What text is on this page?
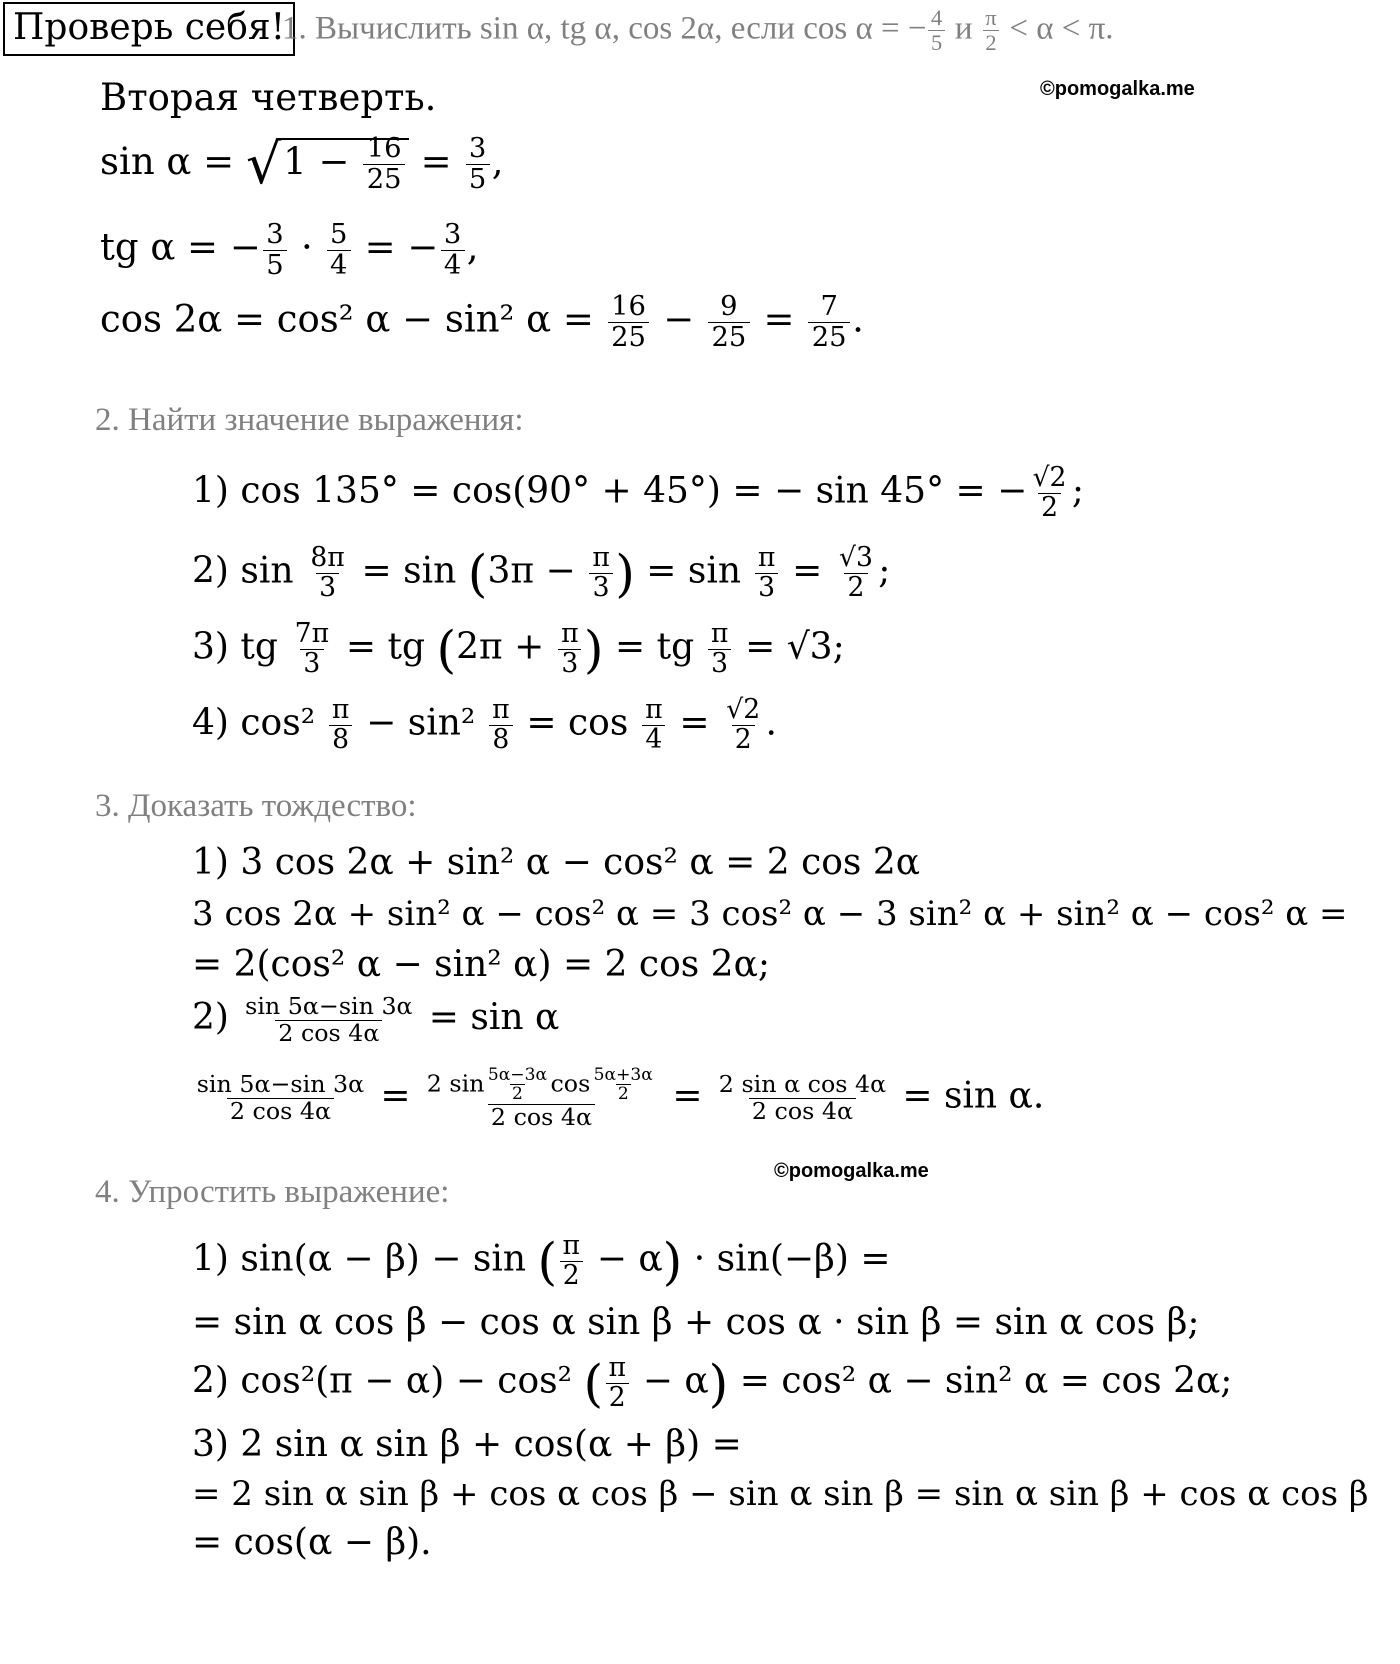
Проверь себя!
1. Вычислить sin α, tg α, cos 2α, если cos α = − $\frac{4}{5}$ и $\frac{\pi}{2} < \alpha < \pi$.
©pomogalka.me
Вторая четверть.
$\sin \alpha = √1 - \frac{16}{25} = \frac{3}{5}$ ,
tg α = − $\frac{3}{5} \cdot \frac{5}{4}$ = − $\frac{3}{4}$ ,
cos 2α = cos² α − sin² $\alpha = \frac{16}{25} - \frac{9}{25} = \frac{7}{25}$ .
2. Найти значение выражения:
1) cos 135° = cos(90° + 45°) = − sin 45° = − $\frac{√2}{2}$ ;
2) $\sin \frac{8\pi}{3} = \sin (3\pi - \frac{\pi}{3}$ ) = $\sin \frac{\pi}{3} = \frac{√3}{2}$ ;
3) tg $\frac{7\pi}{3}$ = tg ($2\pi + \frac{\pi}{3}$ ) = tg $\frac{\pi}{3} = √3$;
4) $\cos^2 \frac{\pi}{8} - \sin^2 \frac{\pi}{8} = \cos \frac{\pi}{4} = \frac{√2}{2}$ .
3. Доказать тождество:
1) 3 cos 2α + sin² α − cos² α = 2 cos 2α
3 cos 2α + sin² α − cos² α = 3 cos² α − 3 sin² α + sin² α − cos² α =
= 2(cos² α − sin² α) = 2 cos 2α;
$2) \frac{\sin 5\alpha-\sin 3\alpha}{2 \cos 4\alpha} = \sin \alpha$
$\frac{\sin 5\alpha-\sin 3\alpha}{2 \cos 4\alpha} = \frac{2 \sin \frac{5\alpha-3\alpha}{2} \cos \frac{5\alpha+3\alpha}{2}}{2 \cos 4\alpha} = \frac{\text{2 sin α cos 4α}}{2 \cos 4\alpha} = \sin \alpha$.
©pomogalka.me
4. Упростить выражение:
1) sin(α − β) − sin ( $\frac{\pi}{2} - \alpha) \cdot \sin(-\beta)$ =
= sin α cos β − cos α sin β + cos α · sin β = sin α cos β;
2) cos²(π − α) − cos² ( $\frac{\pi}{2} - \alpha) = \cos^2$ α − sin² α = cos 2α;
3) 2 sin α sin β + cos(α + β) =
= 2 sin α sin β + cos α cos β − sin α sin β = sin α sin β + cos α cos β
= cos(α − β).
